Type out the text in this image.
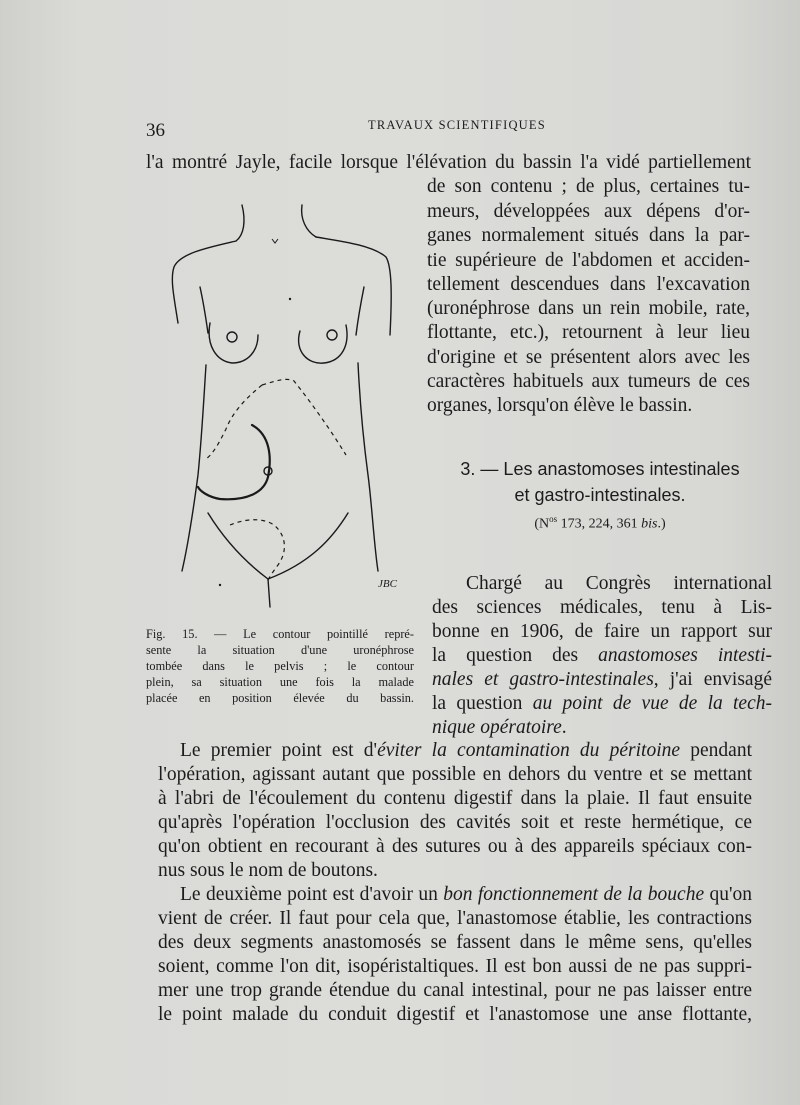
36	TRAVAUX SCIENTIFIQUES
l'a montré Jayle, facile lorsque l'élévation du bassin l'a vidé partiellement
de son contenu ; de plus, certaines tu-
meurs, développées aux dépens d'or-
ganes normalement situés dans la par-
tie supérieure de l'abdomen et acciden-
tellement descendues dans l'excavation
(uronéphrose dans un rein mobile, rate,
flottante, etc.), retournent à leur lieu
d'origine et se présentent alors avec les
caractères habituels aux tumeurs de ces
organes, lorsqu'on élève le bassin.
3. — Les anastomoses intestinales
et gastro-intestinales.
($N^{os}$ 173, 224, 361 bis.)
JBC
Fig. 15. — Le contour pointillé repré-
sente la situation d'une uronéphrose
tombée dans le pelvis ; le contour
plein, sa situation une fois la malade
placée en position élevée du bassin.
Chargé au Congrès international
des sciences médicales, tenu à Lis-
bonne en 1906, de faire un rapport sur
la question des anastomoses intesti-
nales et gastro-intestinales, j'ai envisagé
la question au point de vue de la tech-
nique opératoire.
Le premier point est d'éviter la contamination du péritoine pendant
l'opération, agissant autant que possible en dehors du ventre et se mettant
à l'abri de l'écoulement du contenu digestif dans la plaie. Il faut ensuite
qu'après l'opération l'occlusion des cavités soit et reste hermétique, ce
qu'on obtient en recourant à des sutures ou à des appareils spéciaux con-
nus sous le nom de boutons.
Le deuxième point est d'avoir un bon fonctionnement de la bouche qu'on
vient de créer. Il faut pour cela que, l'anastomose établie, les contractions
des deux segments anastomosés se fassent dans le même sens, qu'elles
soient, comme l'on dit, isopéristaltiques. Il est bon aussi de ne pas suppri-
mer une trop grande étendue du canal intestinal, pour ne pas laisser entre
le point malade du conduit digestif et l'anastomose une anse flottante,
